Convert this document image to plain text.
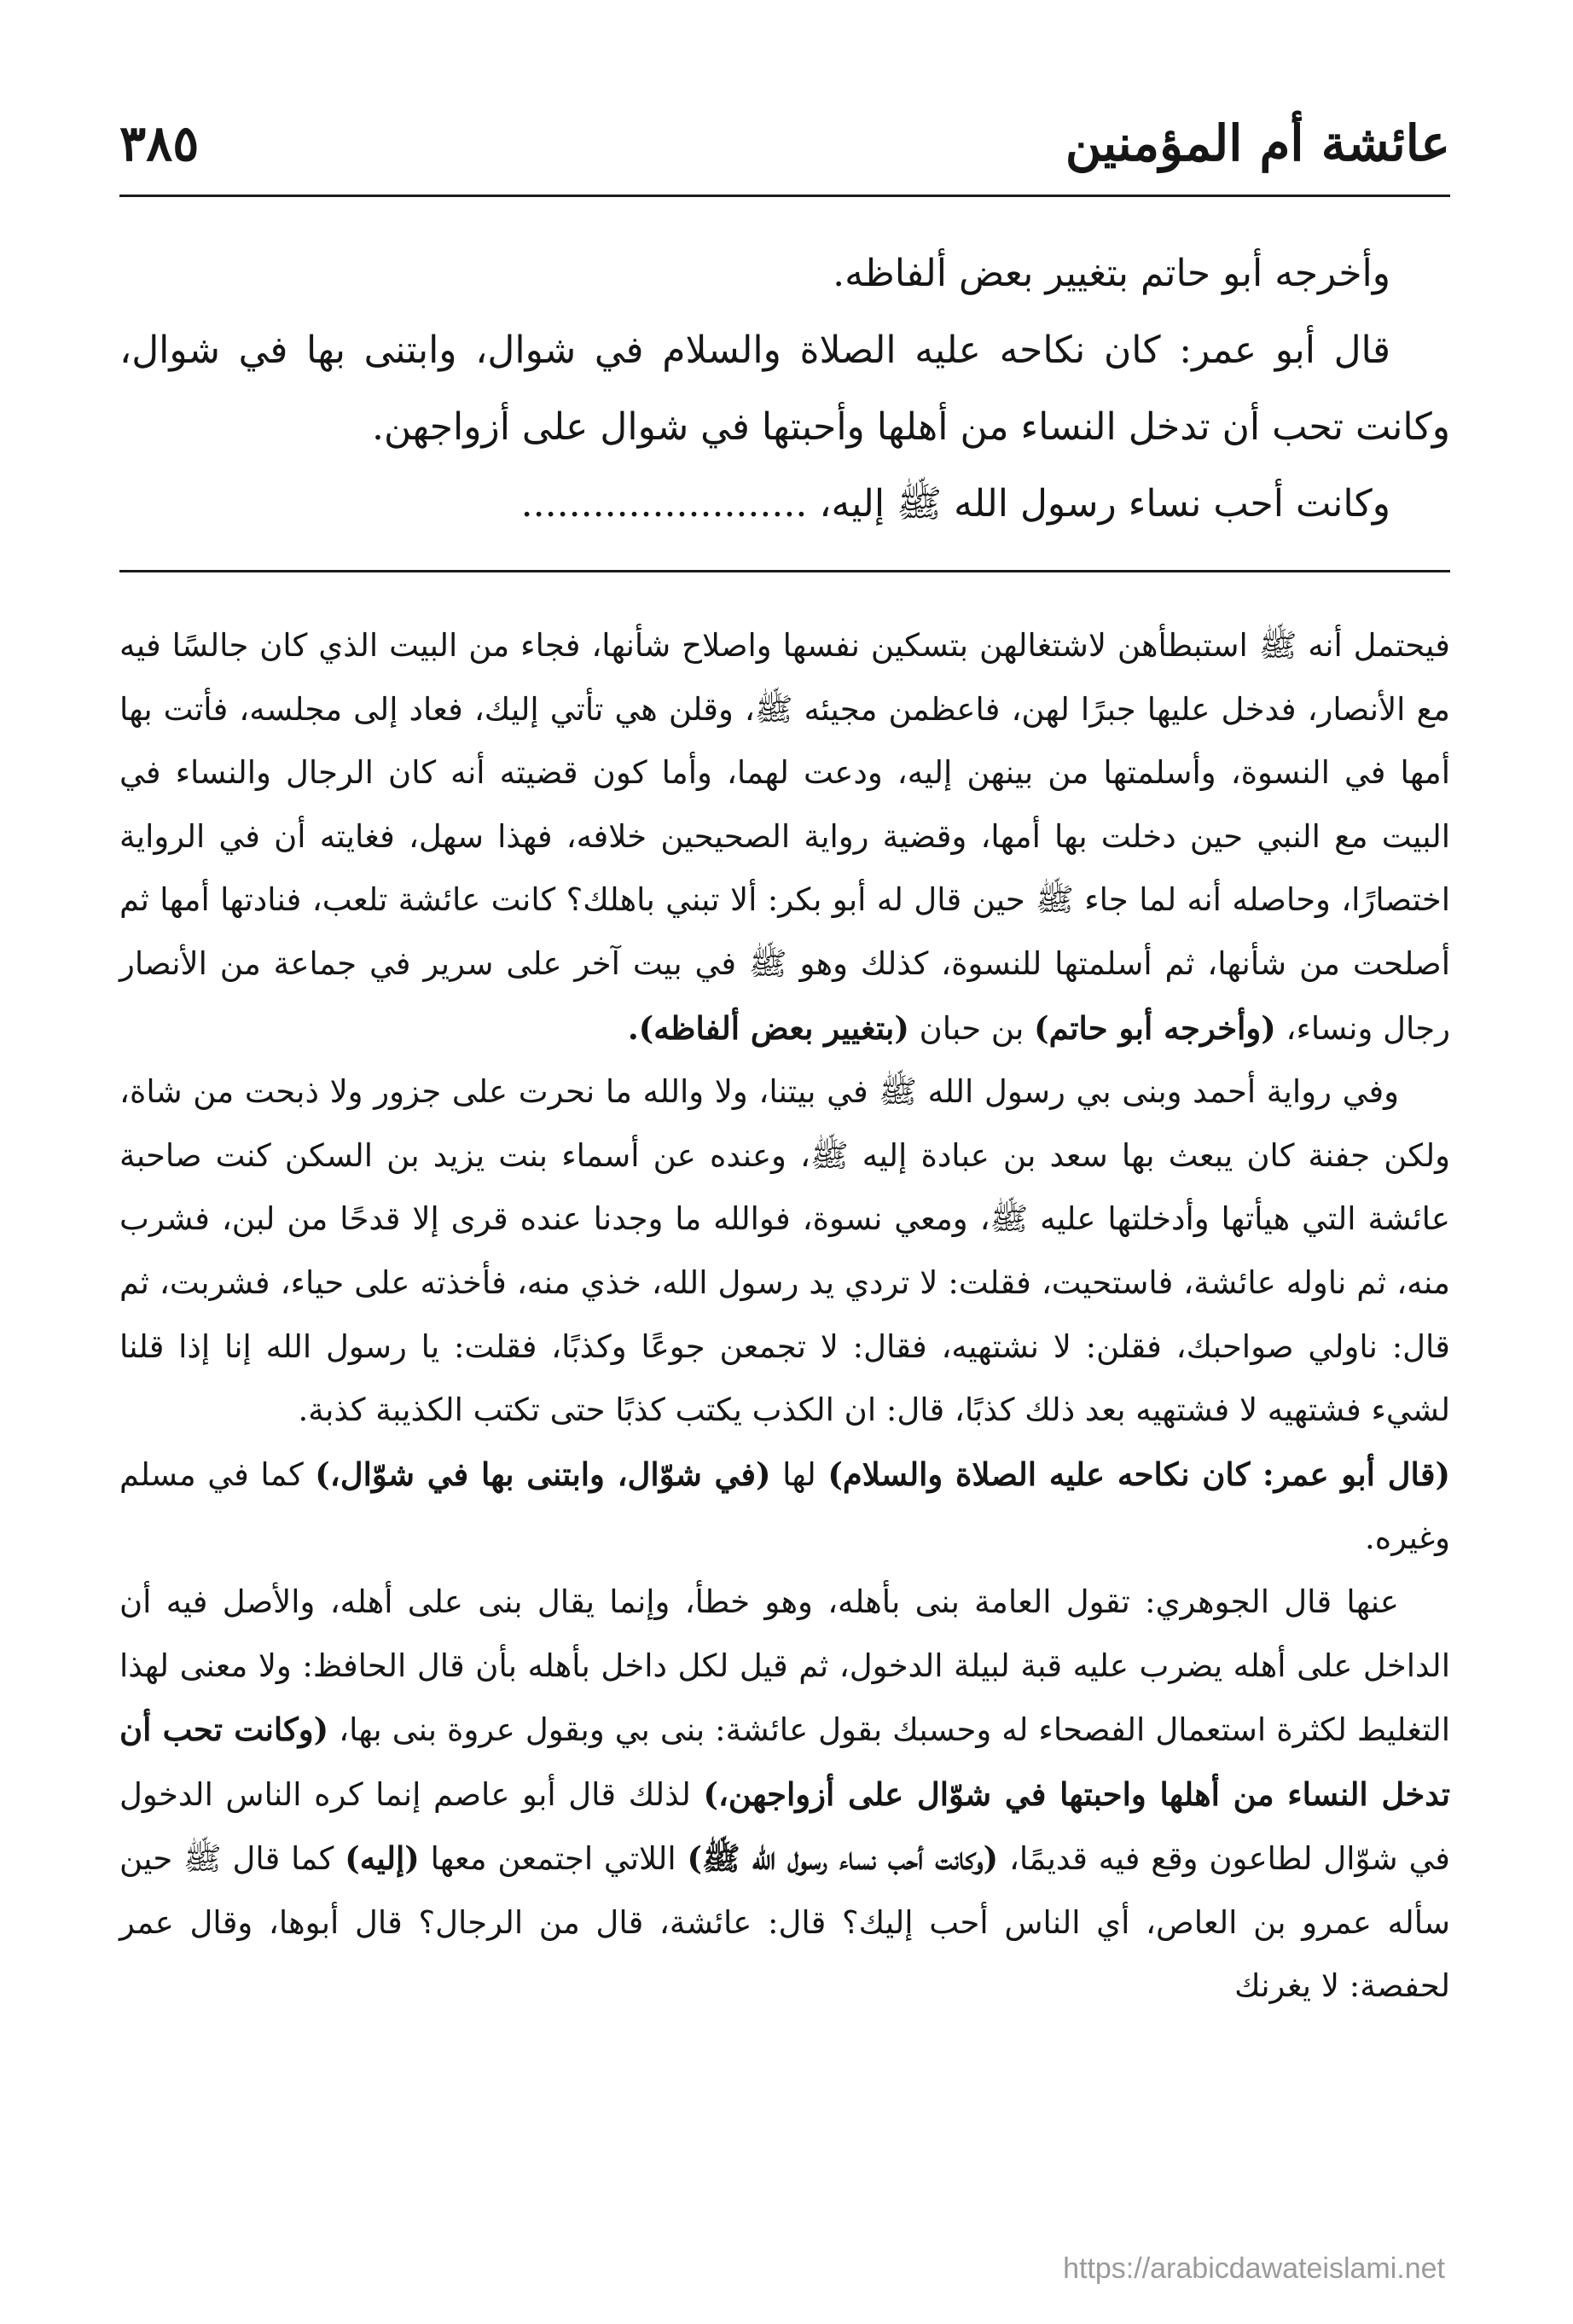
عائشة أم المؤمنين
٣٨٥

وأخرجه أبو حاتم بتغيير بعض ألفاظه.

قال أبو عمر: كان نكاحه عليه الصلاة والسلام في شوال، وابتنى بها في شوال، وكانت تحب أن تدخل النساء من أهلها وأحبتها في شوال على أزواجهن.

وكانت أحب نساء رسول الله ﷺ إليه، ........................

فيحتمل أنه ﷺ استبطأهن لاشتغالهن بتسكين نفسها واصلاح شأنها، فجاء من البيت الذي كان جالسًا فيه مع الأنصار، فدخل عليها جبرًا لهن، فاعظمن مجيئه ﷺ، وقلن هي تأتي إليك، فعاد إلى مجلسه، فأتت بها أمها في النسوة، وأسلمتها من بينهن إليه، ودعت لهما، وأما كون قضيته أنه كان الرجال والنساء في البيت مع النبي حين دخلت بها أمها، وقضية رواية الصحيحين خلافه، فهذا سهل، فغايته أن في الرواية اختصارًا، وحاصله أنه لما جاء ﷺ حين قال له أبو بكر: ألا تبني باهلك؟ كانت عائشة تلعب، فنادتها أمها ثم أصلحت من شأنها، ثم أسلمتها للنسوة، كذلك وهو ﷺ في بيت آخر على سرير في جماعة من الأنصار رجال ونساء، (وأخرجه أبو حاتم) بن حبان (بتغيير بعض ألفاظه).

وفي رواية أحمد وبنى بي رسول الله ﷺ في بيتنا، ولا والله ما نحرت على جزور ولا ذبحت من شاة، ولكن جفنة كان يبعث بها سعد بن عبادة إليه ﷺ، وعنده عن أسماء بنت يزيد بن السكن كنت صاحبة عائشة التي هيأتها وأدخلتها عليه ﷺ، ومعي نسوة، فوالله ما وجدنا عنده قرى إلا قدحًا من لبن، فشرب منه، ثم ناوله عائشة، فاستحيت، فقلت: لا تردي يد رسول الله، خذي منه، فأخذته على حياء، فشربت، ثم قال: ناولي صواحبك، فقلن: لا نشتهيه، فقال: لا تجمعن جوعًا وكذبًا، فقلت: يا رسول الله إنا إذا قلنا لشيء فشتهيه لا فشتهيه بعد ذلك كذبًا، قال: ان الكذب يكتب كذبًا حتى تكتب الكذيبة كذبة.

(قال أبو عمر: كان نكاحه عليه الصلاة والسلام) لها (في شوّال، وابتنى بها في شوّال،) كما في مسلم وغيره.

عنها قال الجوهري: تقول العامة بنى بأهله، وهو خطأ، وإنما يقال بنى على أهله، والأصل فيه أن الداخل على أهله يضرب عليه قبة لبيلة الدخول، ثم قيل لكل داخل بأهله بأن قال الحافظ: ولا معنى لهذا التغليط لكثرة استعمال الفصحاء له وحسبك بقول عائشة: بنى بي وبقول عروة بنى بها، (وكانت تحب أن تدخل النساء من أهلها واحبتها في شوّال على أزواجهن،) لذلك قال أبو عاصم إنما كره الناس الدخول في شوّال لطاعون وقع فيه قديمًا، (وكانت أحب نساء رسول الله ﷺ) اللاتي اجتمعن معها (إليه) كما قال ﷺ حين سأله عمرو بن العاص، أي الناس أحب إليك؟ قال: عائشة، قال من الرجال؟ قال أبوها، وقال عمر لحفصة: لا يغرنك

https://arabicdawateislami.net
